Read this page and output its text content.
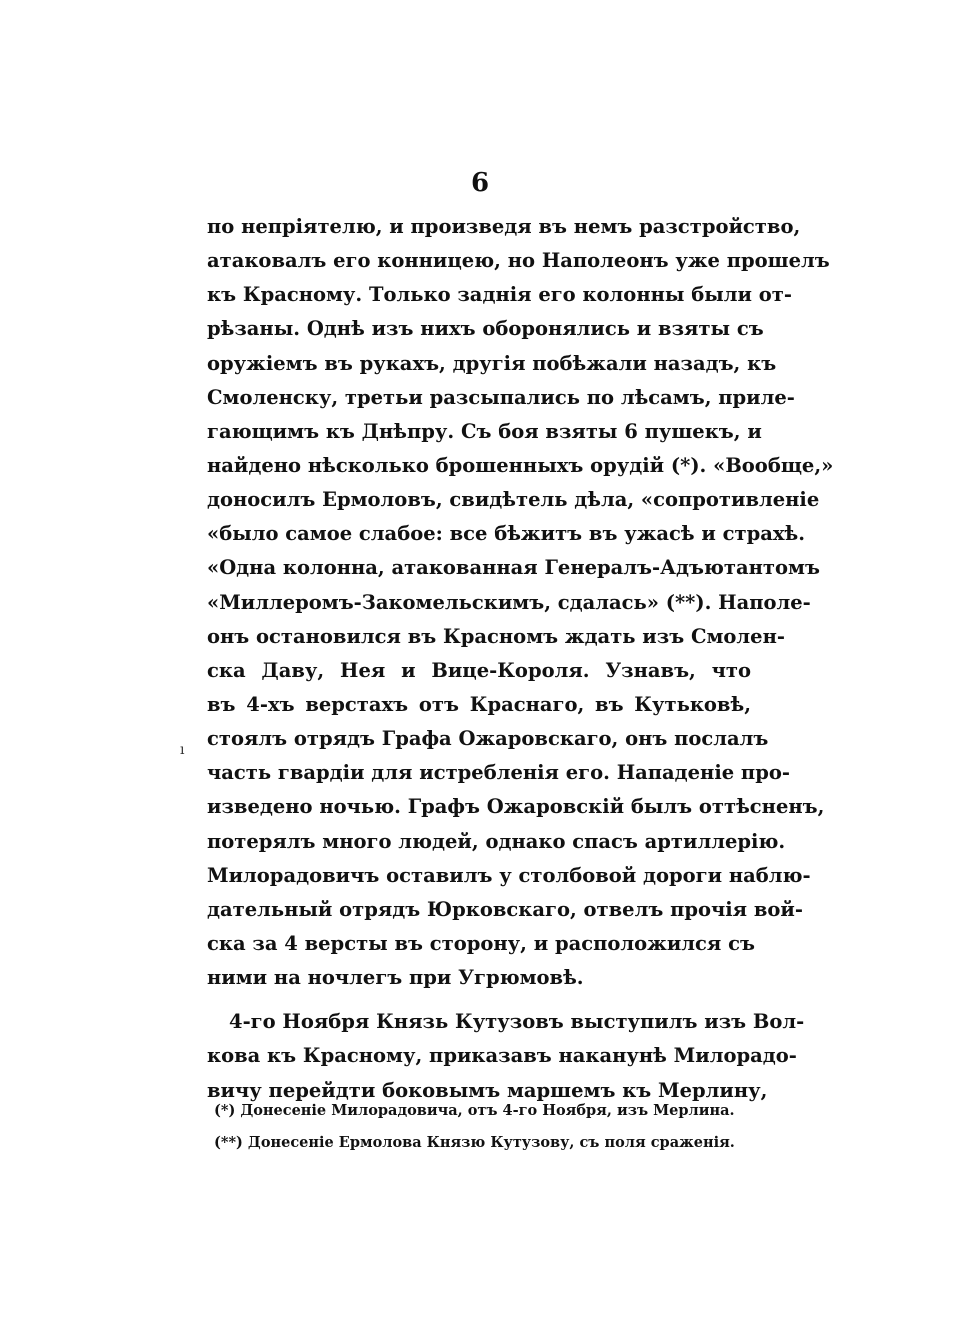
6
по непріятелю, и произведя въ немъ разстройство,
атаковалъ его конницею, но Наполеонъ уже прошелъ
къ Красному. Только заднія его колонны были от-
рѣзаны. Однѣ изъ нихъ оборонялись и взяты съ
оружіемъ въ рукахъ, другія побѣжали назадъ, къ
Смоленску, третьи разсыпались по лѣсамъ, приле-
гающимъ къ Днѣпру. Съ боя взяты 6 пушекъ, и
найдено нѣсколько брошенныхъ орудій (*). «Вообще,»
доносилъ Ермоловъ, свидѣтель дѣла, «сопротивленіе
«было самое слабое: все бѣжитъ въ ужасѣ и страхѣ.
«Одна колонна, атакованная Генералъ-Адъютантомъ
«Миллеромъ-Закомельскимъ, сдалась» (**). Наполе-
онъ остановился въ Красномъ ждать изъ Смолен-
ска Даву, Нея и Вице-Короля. Узнавъ, что
въ 4-хъ верстахъ отъ Краснаго, въ Кутьковѣ,
стоялъ отрядъ Графа Ожаровскаго, онъ послалъ
часть гвардіи для истребленія его. Нападеніе про-
изведено ночью. Графъ Ожаровскій былъ оттѣсненъ,
потерялъ много людей, однако спасъ артиллерію.
Милорадовичъ оставилъ у столбовой дороги наблю-
дательный отрядъ Юрковскаго, отвелъ прочія вой-
ска за 4 версты въ сторону, и расположился съ
ними на ночлегъ при Угрюмовѣ.
4-го Ноября Князь Кутузовъ выступилъ изъ Вол-
кова къ Красному, приказавъ наканунѣ Милорадо-
вичу перейдти боковымъ маршемъ къ Мерлину,
(*) Донесеніе Милорадовича, отъ 4-го Ноября, изъ Мерлина.
(**) Донесеніе Ермолова Князю Кутузову, съ поля сраженія.
ı
